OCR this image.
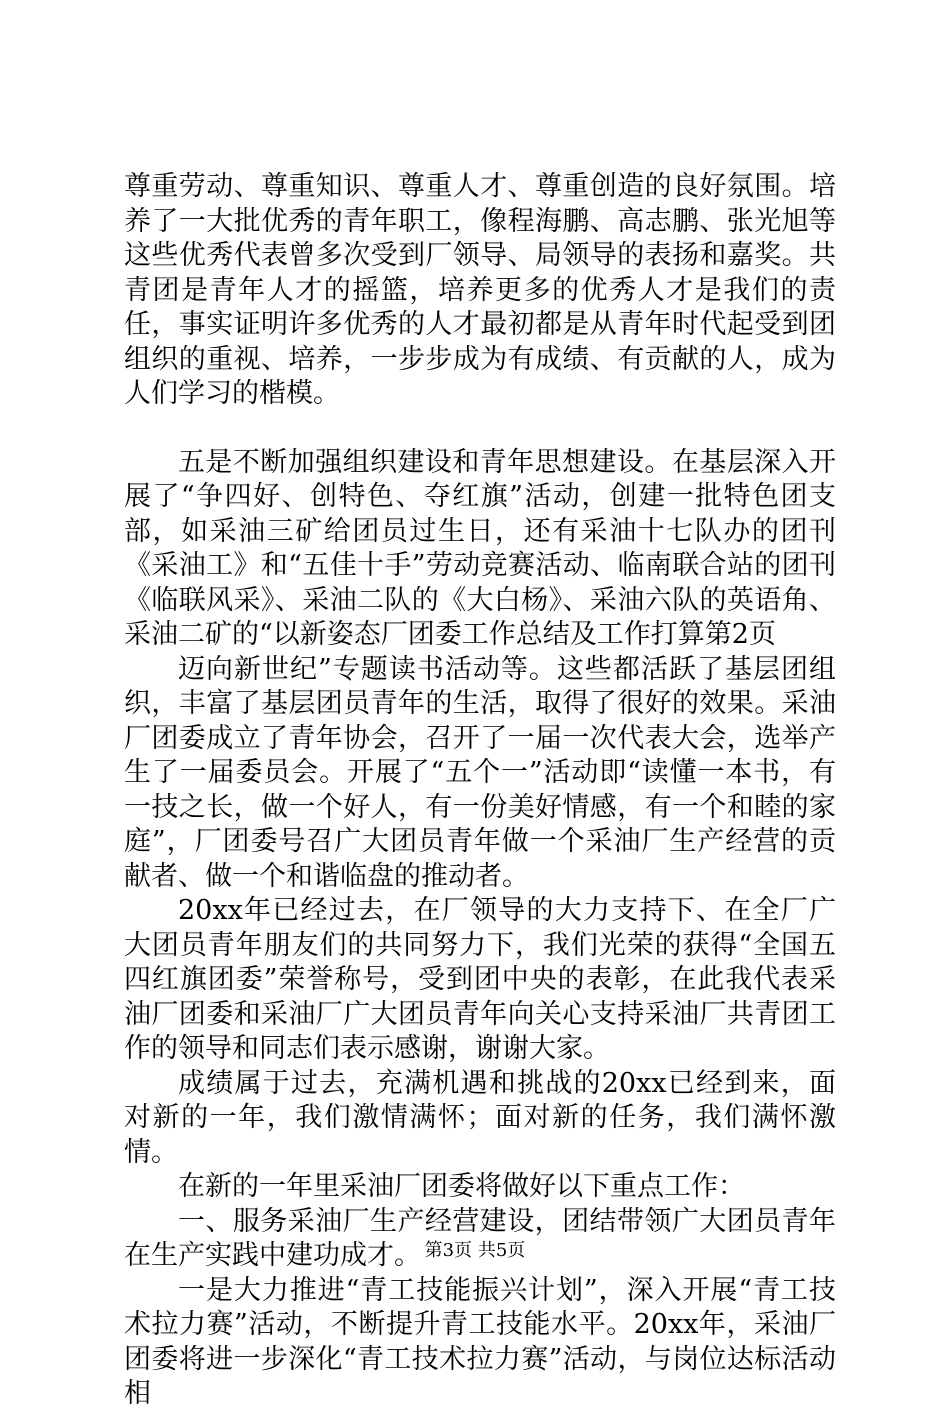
尊重劳动、尊重知识、尊重人才、尊重创造的良好氛围。培养了一大批优秀的青年职工，像程海鹏、高志鹏、张光旭等这些优秀代表曾多次受到厂领导、局领导的表扬和嘉奖。共青团是青年人才的摇篮，培养更多的优秀人才是我们的责任，事实证明许多优秀的人才最初都是从青年时代起受到团组织的重视、培养，一步步成为有成绩、有贡献的人，成为人们学习的楷模。

五是不断加强组织建设和青年思想建设。在基层深入开展了“争四好、创特色、夺红旗”活动，创建一批特色团支部，如采油三矿给团员过生日，还有采油十七队办的团刊《采油工》和“五佳十手”劳动竞赛活动、临南联合站的团刊《临联风采》、采油二队的《大白杨》、采油六队的英语角、采油二矿的“以新姿态厂团委工作总结及工作打算第2页

迈向新世纪”专题读书活动等。这些都活跃了基层团组织，丰富了基层团员青年的生活，取得了很好的效果。采油厂团委成立了青年协会，召开了一届一次代表大会，选举产生了一届委员会。开展了“五个一”活动即“读懂一本书，有一技之长，做一个好人，有一份美好情感，有一个和睦的家庭”，厂团委号召广大团员青年做一个采油厂生产经营的贡献者、做一个和谐临盘的推动者。

20xx年已经过去，在厂领导的大力支持下、在全厂广大团员青年朋友们的共同努力下，我们光荣的获得“全国五四红旗团委”荣誉称号，受到团中央的表彰，在此我代表采油厂团委和采油厂广大团员青年向关心支持采油厂共青团工作的领导和同志们表示感谢，谢谢大家。

成绩属于过去，充满机遇和挑战的20xx已经到来，面对新的一年，我们激情满怀；面对新的任务，我们满怀激情。

在新的一年里采油厂团委将做好以下重点工作：

一、服务采油厂生产经营建设，团结带领广大团员青年在生产实践中建功成才。

一是大力推进“青工技能振兴计划”，深入开展“青工技术拉力赛”活动，不断提升青工技能水平。20xx年，采油厂团委将进一步深化“青工技术拉力赛”活动，与岗位达标活动相

第3页 共5页
